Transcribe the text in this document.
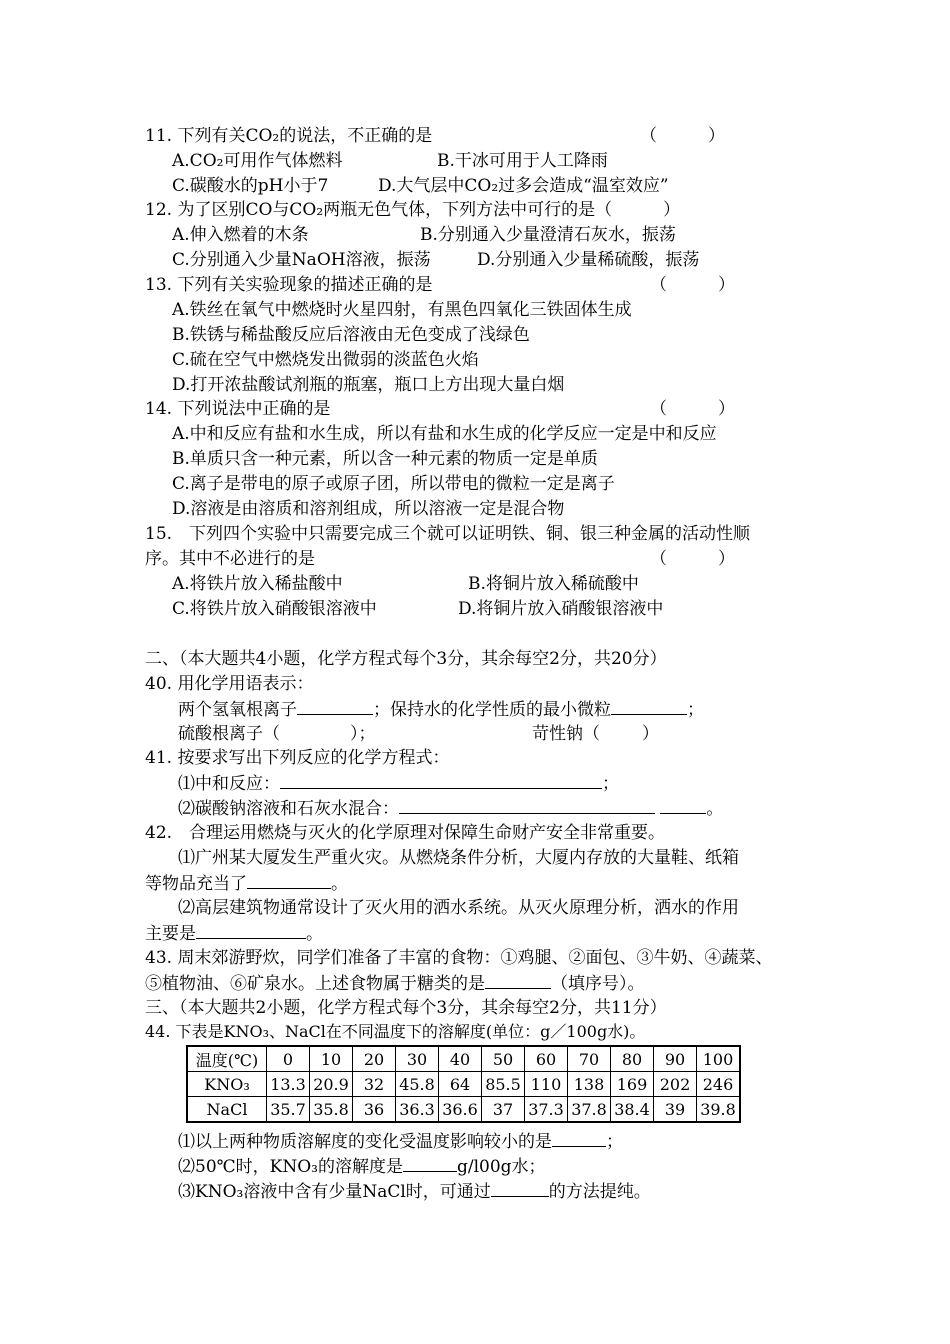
11. 下列有关CO₂的说法，不正确的是	（　　　）
A.CO₂可用作气体燃料	B.干冰可用于人工降雨
C.碳酸水的pH小于7	D.大气层中CO₂过多会造成“温室效应”
12. 为了区别CO与CO₂两瓶无色气体，下列方法中可行的是（　　　）
A.伸入燃着的木条	B.分别通入少量澄清石灰水，振荡
C.分别通入少量NaOH溶液，振荡	D.分别通入少量稀硫酸，振荡
13. 下列有关实验现象的描述正确的是	（　　　）
A.铁丝在氧气中燃烧时火星四射，有黑色四氧化三铁固体生成
B.铁锈与稀盐酸反应后溶液由无色变成了浅绿色
C.硫在空气中燃烧发出微弱的淡蓝色火焰
D.打开浓盐酸试剂瓶的瓶塞，瓶口上方出现大量白烟
14. 下列说法中正确的是	（　　　）
A.中和反应有盐和水生成，所以有盐和水生成的化学反应一定是中和反应
B.单质只含一种元素，所以含一种元素的物质一定是单质
C.离子是带电的原子或原子团，所以带电的微粒一定是离子
D.溶液是由溶质和溶剂组成，所以溶液一定是混合物
15.　下列四个实验中只需要完成三个就可以证明铁、铜、银三种金属的活动性顺
序。其中不必进行的是	（　　　）
A.将铁片放入稀盐酸中	B.将铜片放入稀硫酸中
C.将铁片放入硝酸银溶液中	D.将铜片放入硝酸银溶液中
二、（本大题共4小题，化学方程式每个3分，其余每空2分，共20分）
40. 用化学用语表示：
两个氢氧根离子	；保持水的化学性质的最小微粒	；
硫酸根离子（	）；	苛性钠（ ）
41. 按要求写出下列反应的化学方程式：
⑴中和反应：	；
⑵碳酸钠溶液和石灰水混合：	。
42.　合理运用燃烧与灭火的化学原理对保障生命财产安全非常重要。
⑴广州某大厦发生严重火灾。从燃烧条件分析，大厦内存放的大量鞋、纸箱
等物品充当了	。
⑵高层建筑物通常设计了灭火用的洒水系统。从灭火原理分析，洒水的作用
主要是	。
43. 周末郊游野炊，同学们准备了丰富的食物：①鸡腿、②面包、③牛奶、④蔬菜、
⑤植物油、⑥矿泉水。上述食物属于糖类的是	（填序号）。
三、（本大题共2小题，化学方程式每个3分，其余每空2分，共11分）
44. 下表是KNO₃、NaCl在不同温度下的溶解度(单位：g／100g水)。
温度(℃)	0	10	20	30	40	50	60	70	80	90	100
KNO₃	13.3	20.9	32	45.8	64	85.5	110	138	169	202	246
NaCl	35.7	35.8	36	36.3	36.6	37	37.3	37.8	38.4	39	39.8
⑴以上两种物质溶解度的变化受温度影响较小的是	；
⑵50℃时，KNO₃的溶解度是	g/l00g水；
⑶KNO₃溶液中含有少量NaCl时，可通过	的方法提纯。
